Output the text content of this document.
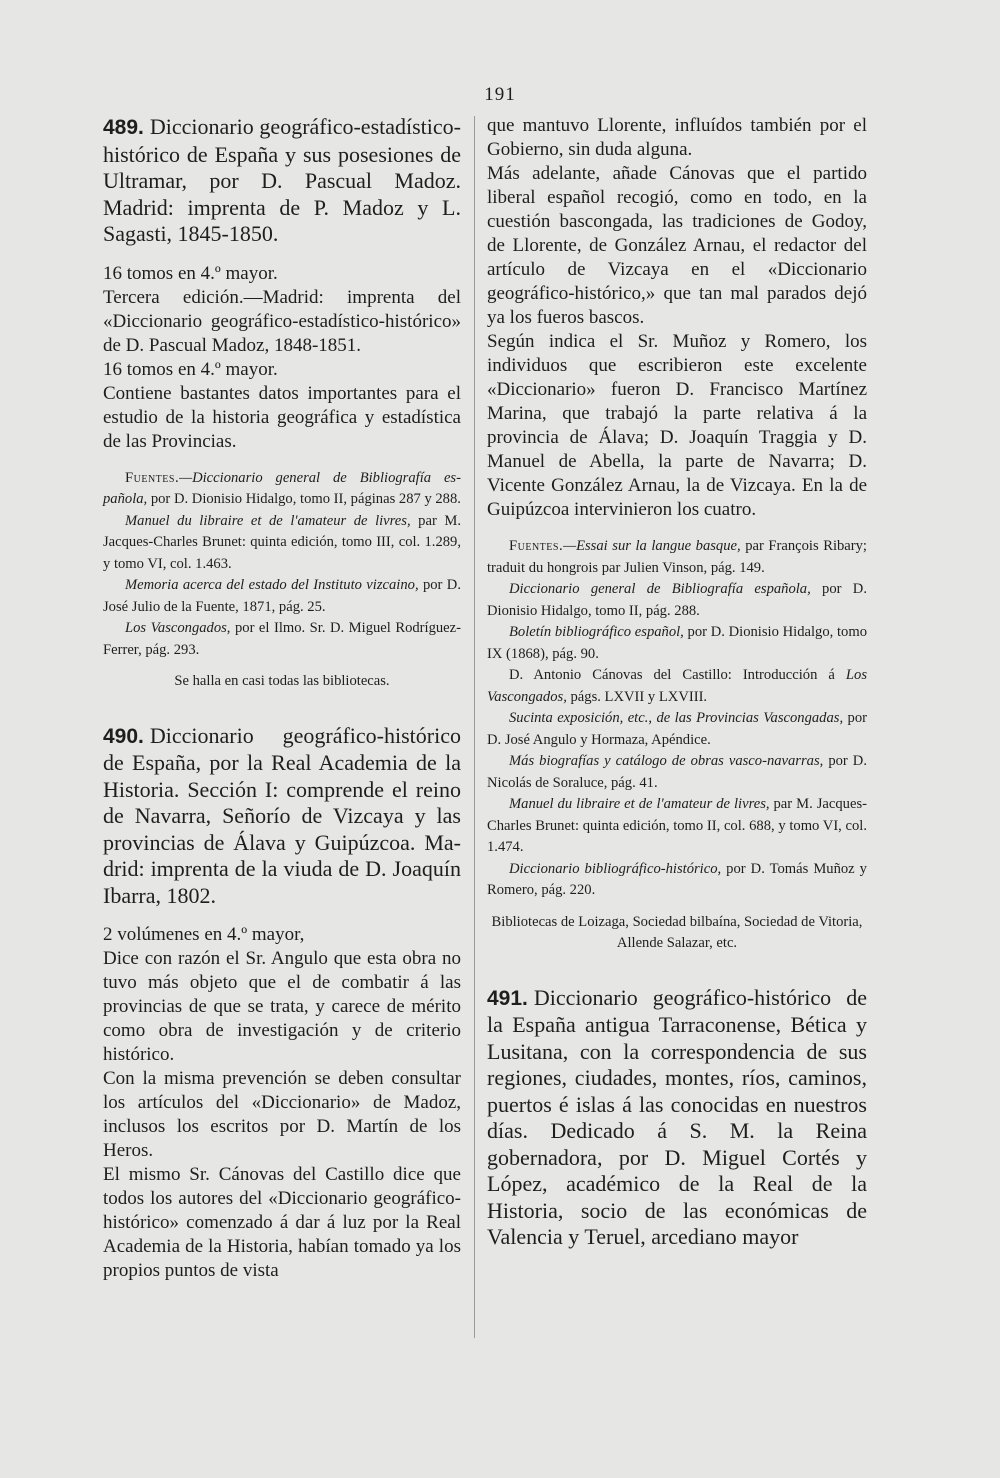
191

489. Diccionario geográfico-estadístico-histórico de España y sus posesiones de Ultramar, por D. Pascual Madoz. Madrid: imprenta de P. Madoz y L. Sagasti, 1845-1850.

16 tomos en 4.º mayor.

Tercera edición.—Madrid: imprenta del «Diccionario geográfico-estadístico-histórico» de D. Pascual Madoz, 1848-1851.

16 tomos en 4.º mayor.

Contiene bastantes datos importantes para el estudio de la historia geográfica y estadística de las Provincias.

Fuentes.—Diccionario general de Bibliografía española, por D. Dionisio Hidalgo, tomo II, páginas 287 y 288.

Manuel du libraire et de l'amateur de livres, par M. Jacques-Charles Brunet: quinta edición, tomo III, col. 1.289, y tomo VI, col. 1.463.

Memoria acerca del estado del Instituto vizcaino, por D. José Julio de la Fuente, 1871, pág. 25.

Los Vascongados, por el Ilmo. Sr. D. Miguel Rodríguez-Ferrer, pág. 293.

Se halla en casi todas las bibliotecas.

490. Diccionario geográfico-histórico de España, por la Real Academia de la Historia. Sección I: comprende el reino de Navarra, Señorío de Vizcaya y las provincias de Álava y Guipúzcoa. Madrid: imprenta de la viuda de D. Joaquín Ibarra, 1802.

2 volúmenes en 4.º mayor,

Dice con razón el Sr. Angulo que esta obra no tuvo más objeto que el de combatir á las provincias de que se trata, y carece de mérito como obra de investigación y de criterio histórico.

Con la misma prevención se deben consultar los artículos del «Diccionario» de Madoz, inclusos los escritos por D. Martín de los Heros.

El mismo Sr. Cánovas del Castillo dice que todos los autores del «Diccionario geográfico-histórico» comenzado á dar á luz por la Real Academia de la Historia, habían tomado ya los propios puntos de vista

que mantuvo Llorente, influídos también por el Gobierno, sin duda alguna.

Más adelante, añade Cánovas que el partido liberal español recogió, como en todo, en la cuestión bascongada, las tradiciones de Godoy, de Llorente, de González Arnau, el redactor del artículo de Vizcaya en el «Diccionario geográfico-histórico,» que tan mal parados dejó ya los fueros bascos.

Según indica el Sr. Muñoz y Romero, los individuos que escribieron este excelente «Diccionario» fueron D. Francisco Martínez Marina, que trabajó la parte relativa á la provincia de Álava; D. Joaquín Traggia y D. Manuel de Abella, la parte de Navarra; D. Vicente González Arnau, la de Vizcaya. En la de Guipúzcoa intervinieron los cuatro.

Fuentes.—Essai sur la langue basque, par François Ribary; traduit du hongrois par Julien Vinson, pág. 149.

Diccionario general de Bibliografía española, por D. Dionisio Hidalgo, tomo II, pág. 288.

Boletín bibliográfico español, por D. Dionisio Hidalgo, tomo IX (1868), pág. 90.

D. Antonio Cánovas del Castillo: Introducción á Los Vascongados, págs. LXVII y LXVIII.

Sucinta exposición, etc., de las Provincias Vascongadas, por D. José Angulo y Hormaza, Apéndice.

Más biografías y catálogo de obras vasco-navarras, por D. Nicolás de Soraluce, pág. 41.

Manuel du libraire et de l'amateur de livres, par M. Jacques-Charles Brunet: quinta edición, tomo II, col. 688, y tomo VI, col. 1.474.

Diccionario bibliográfico-histórico, por D. Tomás Muñoz y Romero, pág. 220.

Bibliotecas de Loizaga, Sociedad bilbaína, Sociedad de Vitoria, Allende Salazar, etc.

491. Diccionario geográfico-histórico de la España antigua Tarraconense, Bética y Lusitana, con la correspondencia de sus regiones, ciudades, montes, ríos, caminos, puertos é islas á las conocidas en nuestros días. Dedicado á S. M. la Reina gobernadora, por D. Miguel Cortés y López, académico de la Real de la Historia, socio de las económicas de Valencia y Teruel, arcediano mayor
